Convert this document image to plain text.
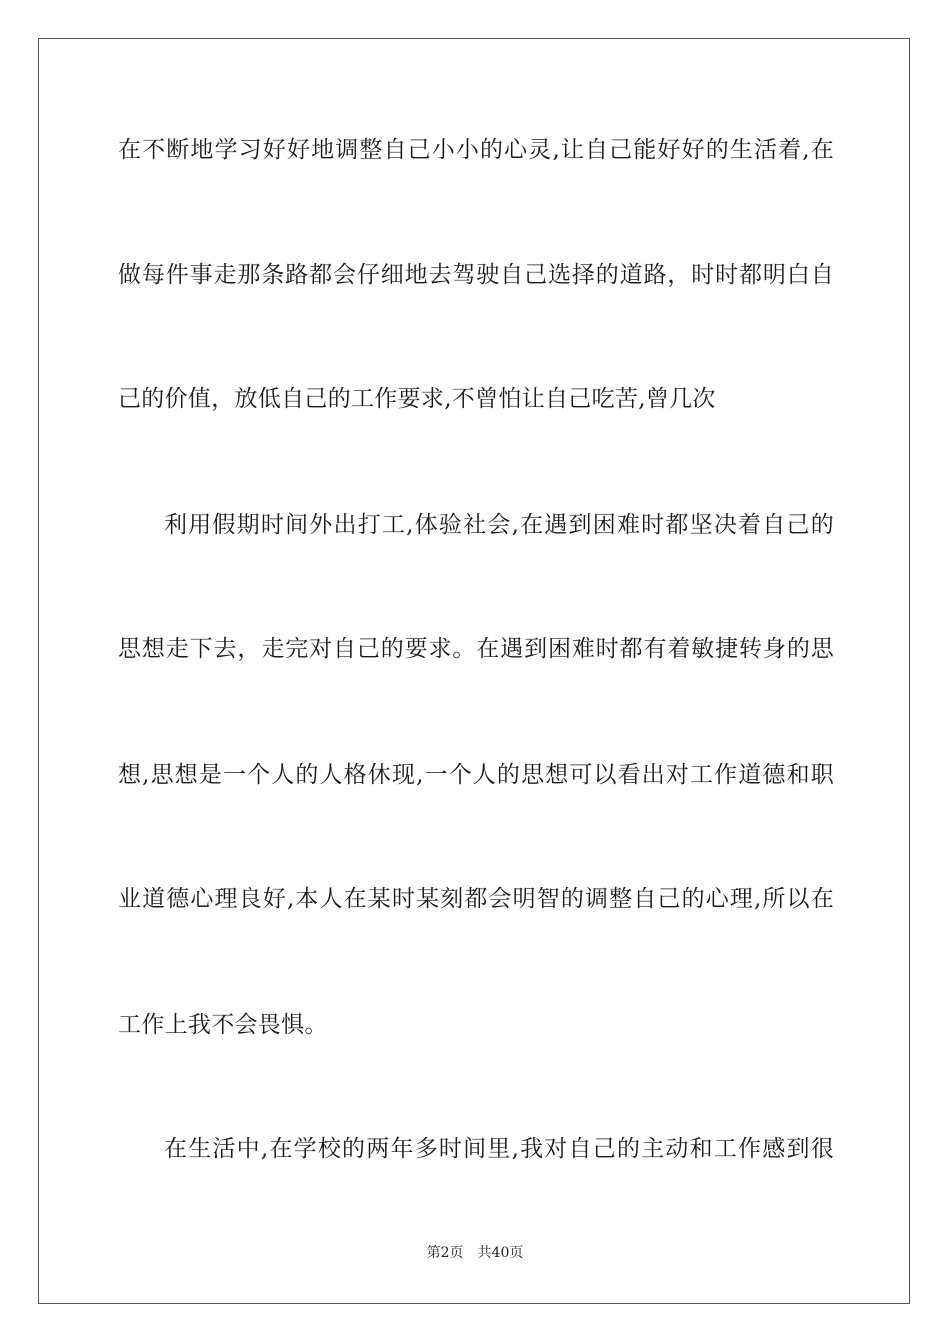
在不断地学习好好地调整自己小小的心灵,让自己能好好的生活着,在
做每件事走那条路都会仔细地去驾驶自己选择的道路，时时都明白自
己的价值，放低自己的工作要求,不曾怕让自己吃苦,曾几次
利用假期时间外出打工,体验社会,在遇到困难时都坚决着自己的
思想走下去，走完对自己的要求。在遇到困难时都有着敏捷转身的思
想,思想是一个人的人格休现,一个人的思想可以看出对工作道德和职
业道德心理良好,本人在某时某刻都会明智的调整自己的心理,所以在
工作上我不会畏惧。
在生活中,在学校的两年多时间里,我对自己的主动和工作感到很
第2页 共40页
